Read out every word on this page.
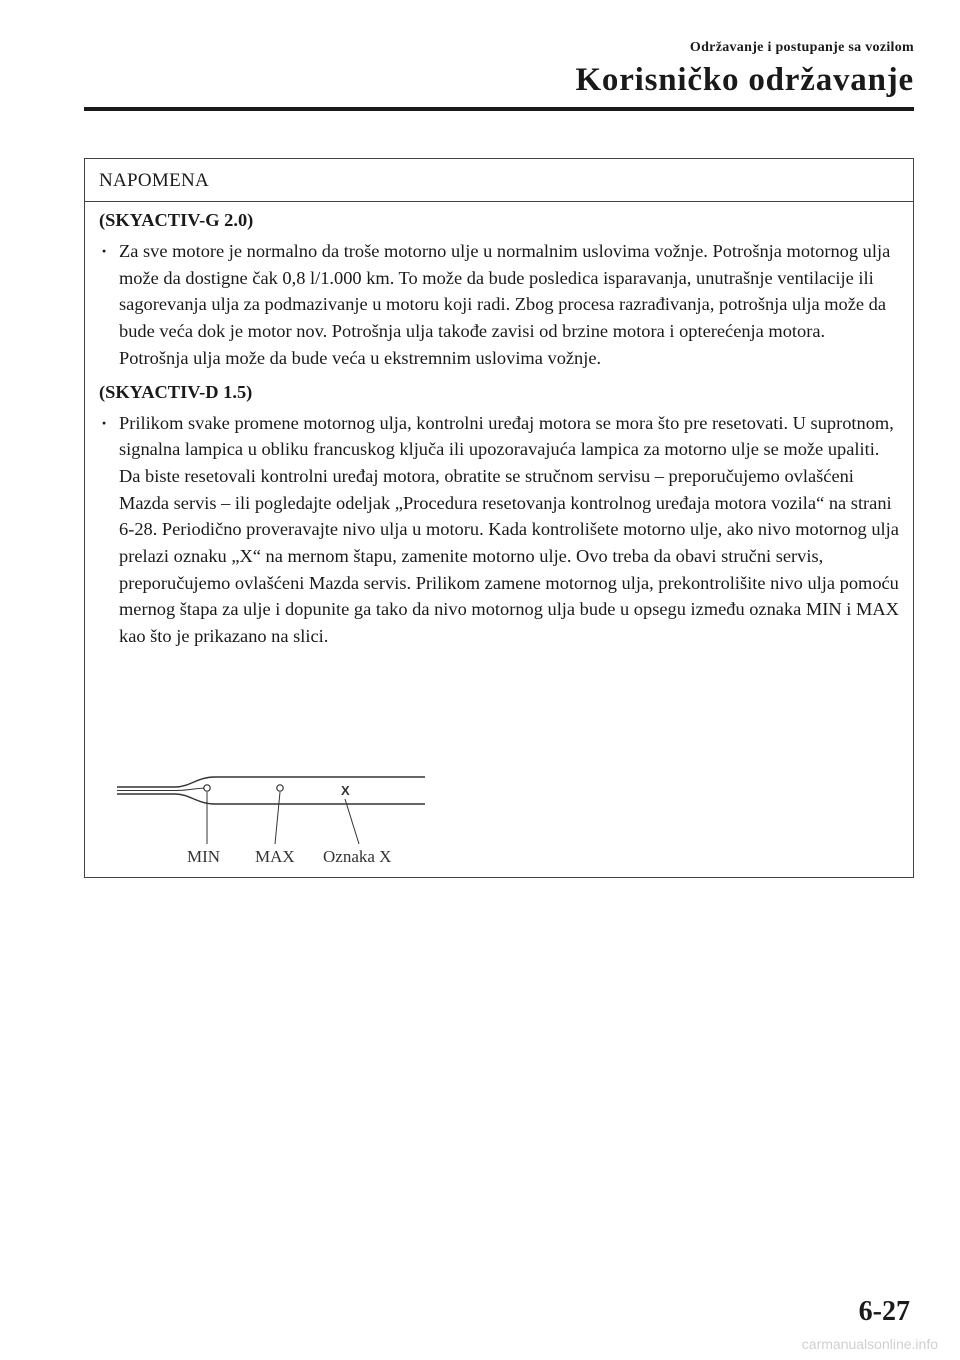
Održavanje i postupanje sa vozilom
Korisničko održavanje
NAPOMENA

(SKYACTIV-G 2.0)

· Za sve motore je normalno da troše motorno ulje u normalnim uslovima vožnje. Potrošnja motornog ulja može da dostigne čak 0,8 l/1.000 km. To može da bude posledica isparavanja, unutrašnje ventilacije ili sagorevanja ulja za podmazivanje u motoru koji radi. Zbog procesa razrađivanja, potrošnja ulja može da bude veća dok je motor nov. Potrošnja ulja takođe zavisi od brzine motora i opterećenja motora. Potrošnja ulja može da bude veća u ekstremnim uslovima vožnje.

(SKYACTIV-D 1.5)

· Prilikom svake promene motornog ulja, kontrolni uređaj motora se mora što pre resetovati. U suprotnom, signalna lampica u obliku francuskog ključa ili upozoravajuća lampica za motorno ulje se može upaliti. Da biste resetovali kontrolni uređaj motora, obratite se stručnom servisu – preporučujemo ovlašćeni Mazda servis – ili pogledajte odeljak „Procedura resetovanja kontrolnog uređaja motora vozila“ na strani 6-28. Periodično proveravajte nivo ulja u motoru. Kada kontrolišete motorno ulje, ako nivo motornog ulja prelazi oznaku „X“ na mernom štapu, zamenite motorno ulje. Ovo treba da obavi stručni servis, preporučujemo ovlašćeni Mazda servis. Prilikom zamene motornog ulja, prekontrolišite nivo ulja pomoću mernog štapa za ulje i dopunite ga tako da nivo motornog ulja bude u opsegu između oznaka MIN i MAX kao što je prikazano na slici.

X
MIN MAX Oznaka X
6-27
carmanualsonline.info
